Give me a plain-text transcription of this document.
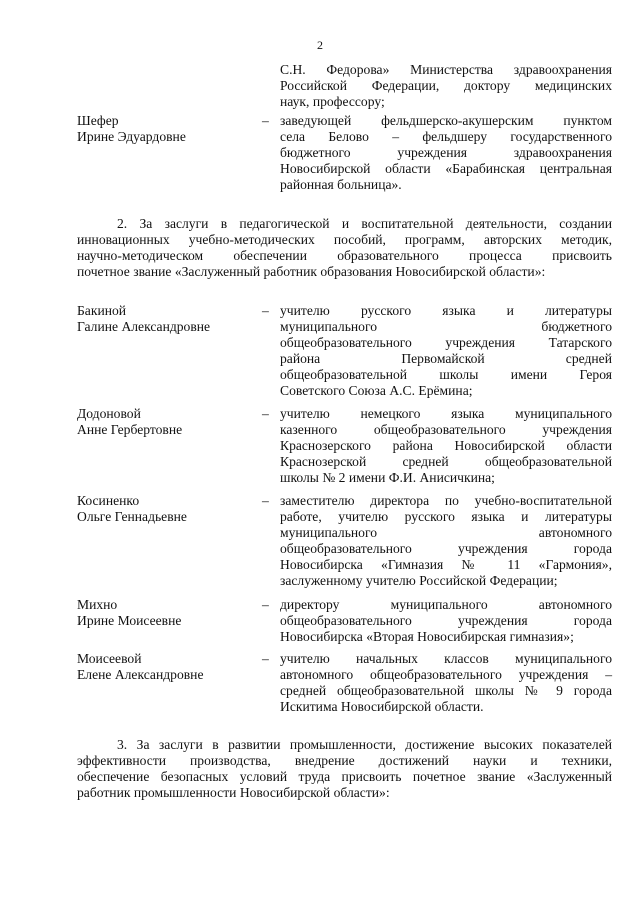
2
С.Н. Федорова» Министерства здравоохранения
Российской Федерации, доктору медицинских
наук, профессору;
Шефер
Ирине Эдуардовне
– заведующей фельдшерско-акушерским пунктом
села Белово – фельдшеру государственного
бюджетного учреждения здравоохранения
Новосибирской области «Барабинская центральная
районная больница».
2. За заслуги в педагогической и воспитательной деятельности, создании
инновационных учебно-методических пособий, программ, авторских методик,
научно-методическом обеспечении образовательного процесса присвоить
почетное звание «Заслуженный работник образования Новосибирской области»:
Бакиной
Галине Александровне
– учителю русского языка и литературы
муниципального бюджетного
общеобразовательного учреждения Татарского
района Первомайской средней
общеобразовательной школы имени Героя
Советского Союза А.С. Ерёмина;
Додоновой
Анне Гербертовне
– учителю немецкого языка муниципального
казенного общеобразовательного учреждения
Краснозерского района Новосибирской области
Краснозерской средней общеобразовательной
школы № 2 имени Ф.И. Анисичкина;
Косиненко
Ольге Геннадьевне
– заместителю директора по учебно-воспитательной
работе, учителю русского языка и литературы
муниципального автономного
общеобразовательного учреждения города
Новосибирска «Гимназия № 11 «Гармония»,
заслуженному учителю Российской Федерации;
Михно
Ирине Моисеевне
– директору муниципального автономного
общеобразовательного учреждения города
Новосибирска «Вторая Новосибирская гимназия»;
Моисеевой
Елене Александровне
– учителю начальных классов муниципального
автономного общеобразовательного учреждения –
средней общеобразовательной школы № 9 города
Искитима Новосибирской области.
3. За заслуги в развитии промышленности, достижение высоких показателей
эффективности производства, внедрение достижений науки и техники,
обеспечение безопасных условий труда присвоить почетное звание «Заслуженный
работник промышленности Новосибирской области»:
